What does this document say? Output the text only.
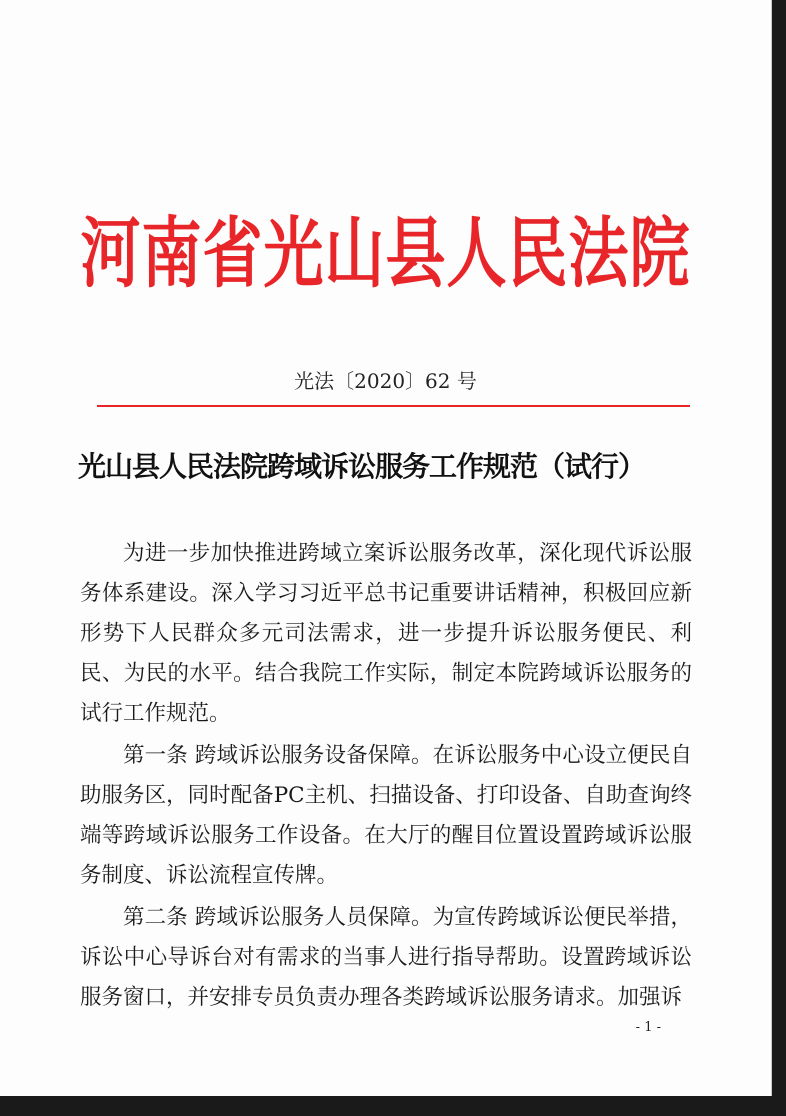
河南省光山县人民法院
光法〔2020〕62 号
光山县人民法院跨域诉讼服务工作规范（试行）

为进一步加快推进跨域立案诉讼服务改革，深化现代诉讼服务体系建设。深入学习习近平总书记重要讲话精神，积极回应新形势下人民群众多元司法需求，进一步提升诉讼服务便民、利民、为民的水平。结合我院工作实际，制定本院跨域诉讼服务的试行工作规范。

第一条 跨域诉讼服务设备保障。在诉讼服务中心设立便民自助服务区，同时配备PC主机、扫描设备、打印设备、自助查询终端等跨域诉讼服务工作设备。在大厅的醒目位置设置跨域诉讼服务制度、诉讼流程宣传牌。

第二条 跨域诉讼服务人员保障。为宣传跨域诉讼便民举措，诉讼中心导诉台对有需求的当事人进行指导帮助。设置跨域诉讼服务窗口，并安排专员负责办理各类跨域诉讼服务请求。加强诉

- 1 -
